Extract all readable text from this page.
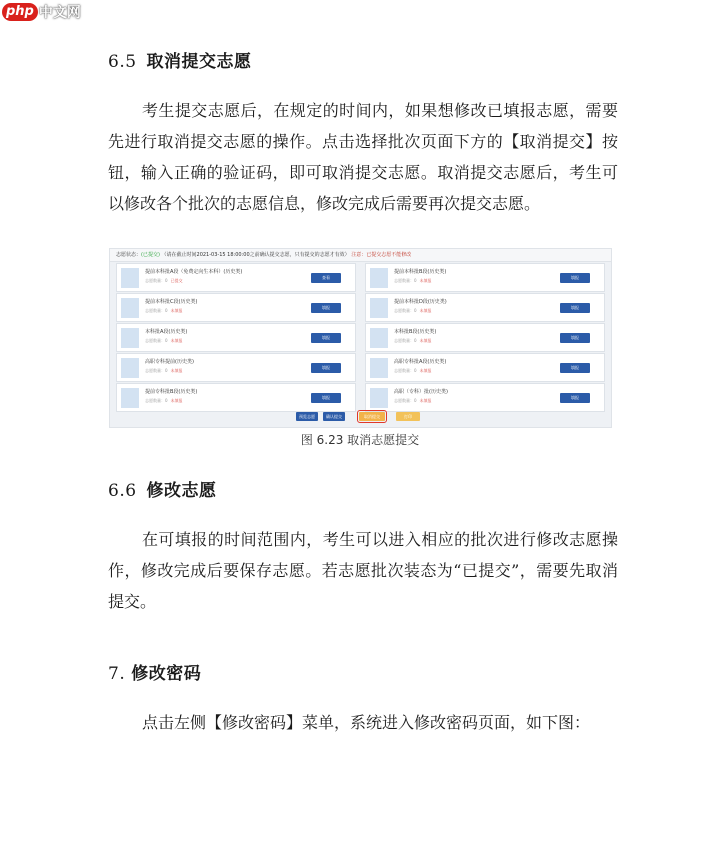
php 中文网
6.5 取消提交志愿
考生提交志愿后，在规定的时间内，如果想修改已填报志愿，需要先进行取消提交志愿的操作。点击选择批次页面下方的【取消提交】按钮，输入正确的验证码，即可取消提交志愿。取消提交志愿后，考生可以修改各个批次的志愿信息，修改完成后需要再次提交志愿。
志愿状态：(已提交) （请在截止时间2021-03-15 18:00:00之前确认提交志愿，只有提交的志愿才有效） 注意：已提交志愿不能修改
提前本科批A段（免费定向生本科）(历史类)
志愿数量：0 已提交
查看
提前本科批B段(历史类)
志愿数量：0 未填报
填报
提前本科批C段(历史类)
志愿数量：0 未填报
填报
提前本科批D段(历史类)
志愿数量：0 未填报
填报
本科批A段(历史类)
志愿数量：0 未填报
填报
本科批B段(历史类)
志愿数量：0 未填报
填报
高职专科提前(历史类)
志愿数量：0 未填报
填报
高职专科批A段(历史类)
志愿数量：0 未填报
填报
提前专科批B段(历史类)
志愿数量：0 未填报
填报
高职（专科）批(历史类)
志愿数量：0 未填报
填报
预览志愿	确认提交	取消提交	打印
图 6.23 取消志愿提交
6.6 修改志愿
在可填报的时间范围内，考生可以进入相应的批次进行修改志愿操作，修改完成后要保存志愿。若志愿批次装态为“已提交”，需要先取消提交。
7. 修改密码
点击左侧【修改密码】菜单，系统进入修改密码页面，如下图：
